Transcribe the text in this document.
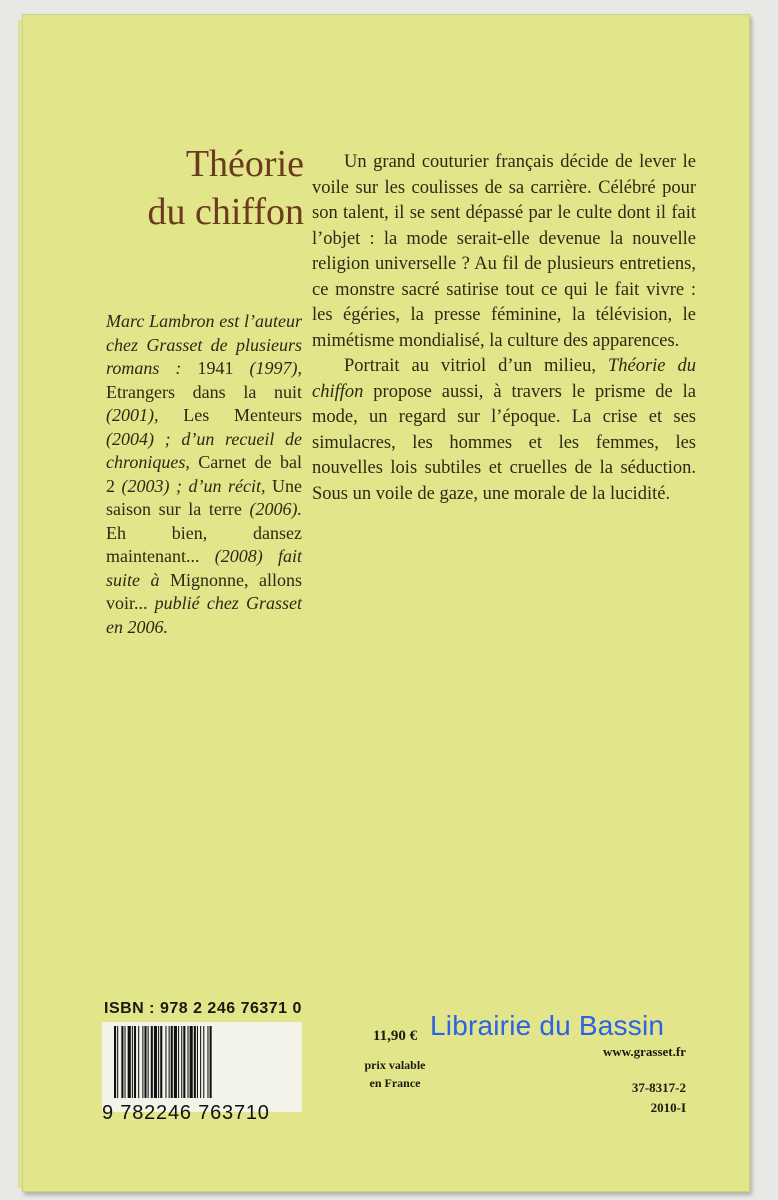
Théorie
du chiffon
Marc Lambron est l’auteur chez Grasset de plusieurs romans : 1941 (1997), Etrangers dans la nuit (2001), Les Menteurs (2004) ; d’un recueil de chroniques, Carnet de bal 2 (2003) ; d’un récit, Une saison sur la terre (2006). Eh bien, dansez maintenant... (2008) fait suite à Mignonne, allons voir... publié chez Grasset en 2006.

Un grand couturier français décide de lever le voile sur les coulisses de sa carrière. Célébré pour son talent, il se sent dépassé par le culte dont il fait l’objet : la mode serait-elle devenue la nouvelle religion universelle ? Au fil de plusieurs entretiens, ce monstre sacré satirise tout ce qui le fait vivre : les égéries, la presse féminine, la télévision, le mimétisme mondialisé, la culture des apparences.

Portrait au vitriol d’un milieu, Théorie du chiffon propose aussi, à travers le prisme de la mode, un regard sur l’époque. La crise et ses simulacres, les hommes et les femmes, les nouvelles lois subtiles et cruelles de la séduction. Sous un voile de gaze, une morale de la lucidité.

ISBN : 978 2 246 76371 0
9 782246 763710
11,90 €
prix valable
en France
Librairie du Bassin
www.grasset.fr
37-8317-2
2010-I
